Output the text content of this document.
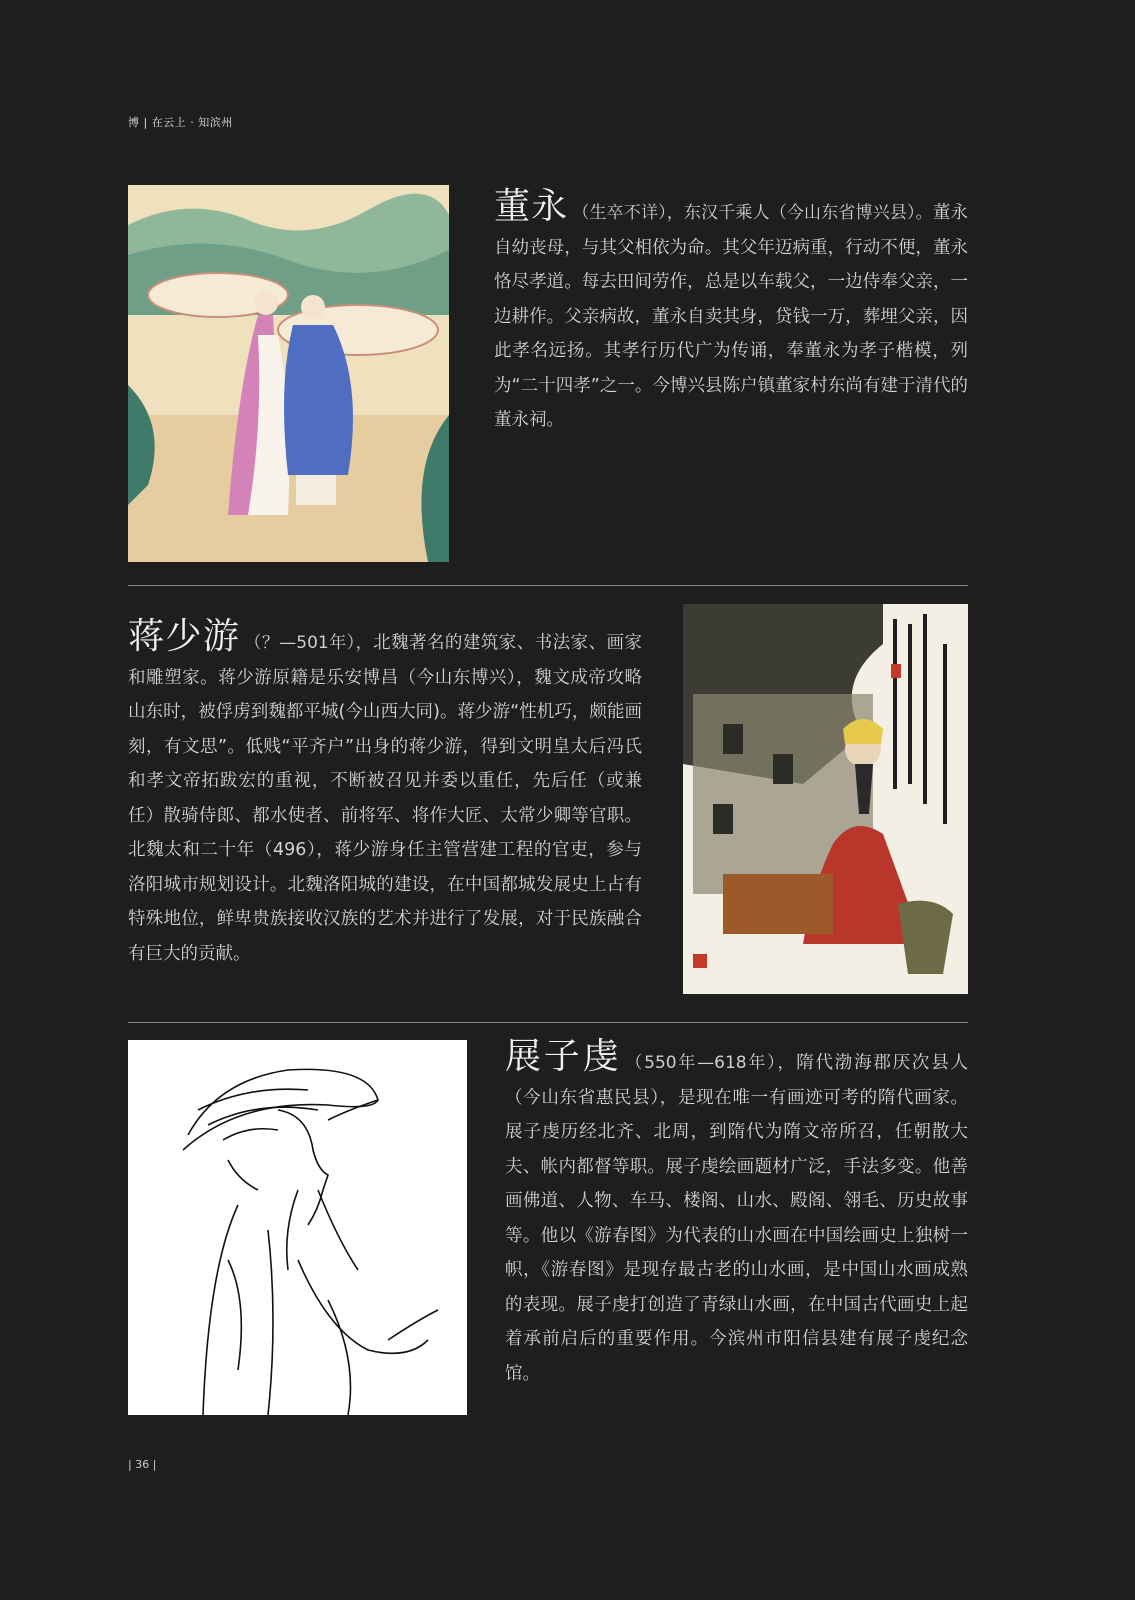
博 | 在云上 · 知滨州
董永 （生卒不详），东汉千乘人（今山东省博兴县）。董永自幼丧母，与其父相依为命。其父年迈病重，行动不便，董永恪尽孝道。每去田间劳作，总是以车载父，一边侍奉父亲，一边耕作。父亲病故，董永自卖其身，贷钱一万，葬埋父亲，因此孝名远扬。其孝行历代广为传诵，奉董永为孝子楷模，列为“二十四孝”之一。今博兴县陈户镇董家村东尚有建于清代的董永祠。
蒋少游 （？—501年），北魏著名的建筑家、书法家、画家和雕塑家。蒋少游原籍是乐安博昌（今山东博兴），魏文成帝攻略山东时，被俘虏到魏都平城(今山西大同)。蒋少游“性机巧，颇能画刻，有文思”。低贱“平齐户”出身的蒋少游，得到文明皇太后冯氏和孝文帝拓跋宏的重视，不断被召见并委以重任，先后任（或兼任）散骑侍郎、都水使者、前将军、将作大匠、太常少卿等官职。北魏太和二十年（496），蒋少游身任主管营建工程的官吏，参与洛阳城市规划设计。北魏洛阳城的建设，在中国都城发展史上占有特殊地位，鲜卑贵族接收汉族的艺术并进行了发展，对于民族融合有巨大的贡献。
展子虔 （550年—618年），隋代渤海郡厌次县人（今山东省惠民县），是现在唯一有画迹可考的隋代画家。展子虔历经北齐、北周，到隋代为隋文帝所召，任朝散大夫、帐内都督等职。展子虔绘画题材广泛，手法多变。他善画佛道、人物、车马、楼阁、山水、殿阁、翎毛、历史故事等。他以《游春图》为代表的山水画在中国绘画史上独树一帜，《游春图》是现存最古老的山水画，是中国山水画成熟的表现。展子虔打创造了青绿山水画，在中国古代画史上起着承前启后的重要作用。今滨州市阳信县建有展子虔纪念馆。
| 36 |
